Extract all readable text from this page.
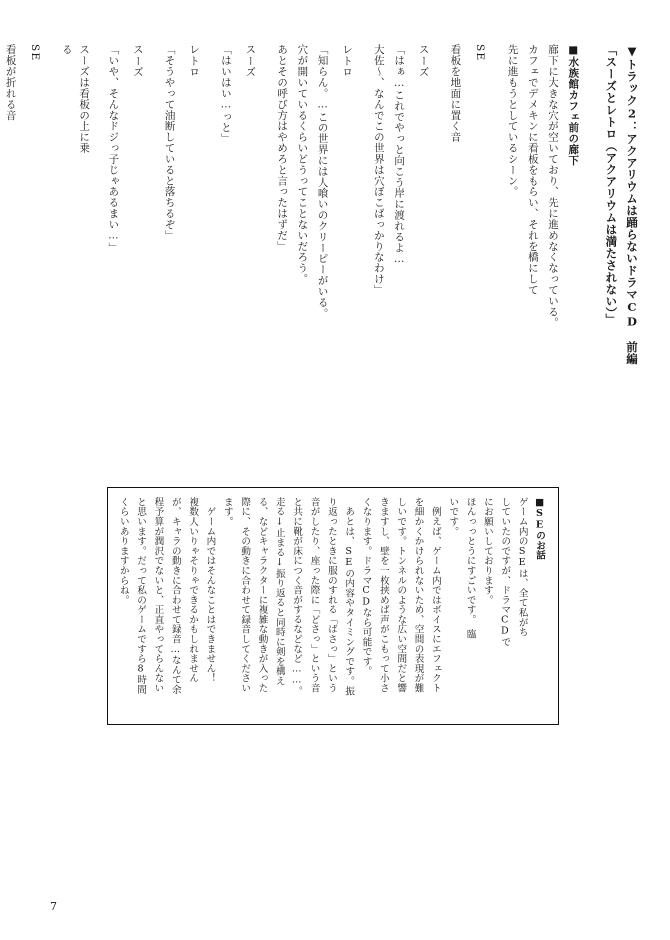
▼トラック2：アクアリウムは踊らないドラマCD　前編
「スーズとレトロ（アクアリウムは満たされない）」
■水族館カフェ前の廊下
廊下に大きな穴が空いており、先に進めなくなっている。
カフェでデメキンに看板をもらい、それを橋にして
先に進もうとしているシーン。
SE
看板を地面に置く音
スーズ
「はぁ…これでやっと向こう岸に渡れるよ…
大佐～、なんでこの世界は穴ぼこばっかりなわけ」
レトロ
「知らん。…この世界には人喰いのクリーピーがいる。
穴が開いているくらいどうってことないだろう。
あとその呼び方はやめろと言ったはずだ」
スーズ
「はいはい…っと」
レトロ
「そうやって油断していると落ちるぞ」
スーズ
「いや、そんなドジっ子じゃあるまい…」
スーズは看板の上に乗る
SE
看板が折れる音
■SEのお話
ゲーム内のSEは、全て私がち
していたのですが、ドラマCDで
にお願いしております。
ほんっっとうにすごいです。　臨
いです。
　例えば、ゲーム内ではボイスにエフェクト
を細かくかけられないため、空間の表現が難
しいです。トンネルのような広い空間だと響
きますし、壁を一枚挟めば声がこもって小さ
くなります。ドラマCDなら可能です。
　あとは、SEの内容やタイミングです。振
り返ったときに服のすれる「ばさっ」という
音がしたり、座った際に「どさっ」という音
と共に靴が床につく音がするなどなど……。
走る↓止まる↓振り返ると同時に剣を構え
る、などキャラクターに複雑な動きが入った
際に、その動きに合わせて録音してください
ます。
　ゲーム内ではそんなことはできません！
複数人いりゃそりゃできるかもしれません
が、キャラの動きに合わせて録音…なんて余
程予算が潤沢でないと、正直やってらんない
と思います。だって私のゲームですら8時間
くらいありますからね。
7
